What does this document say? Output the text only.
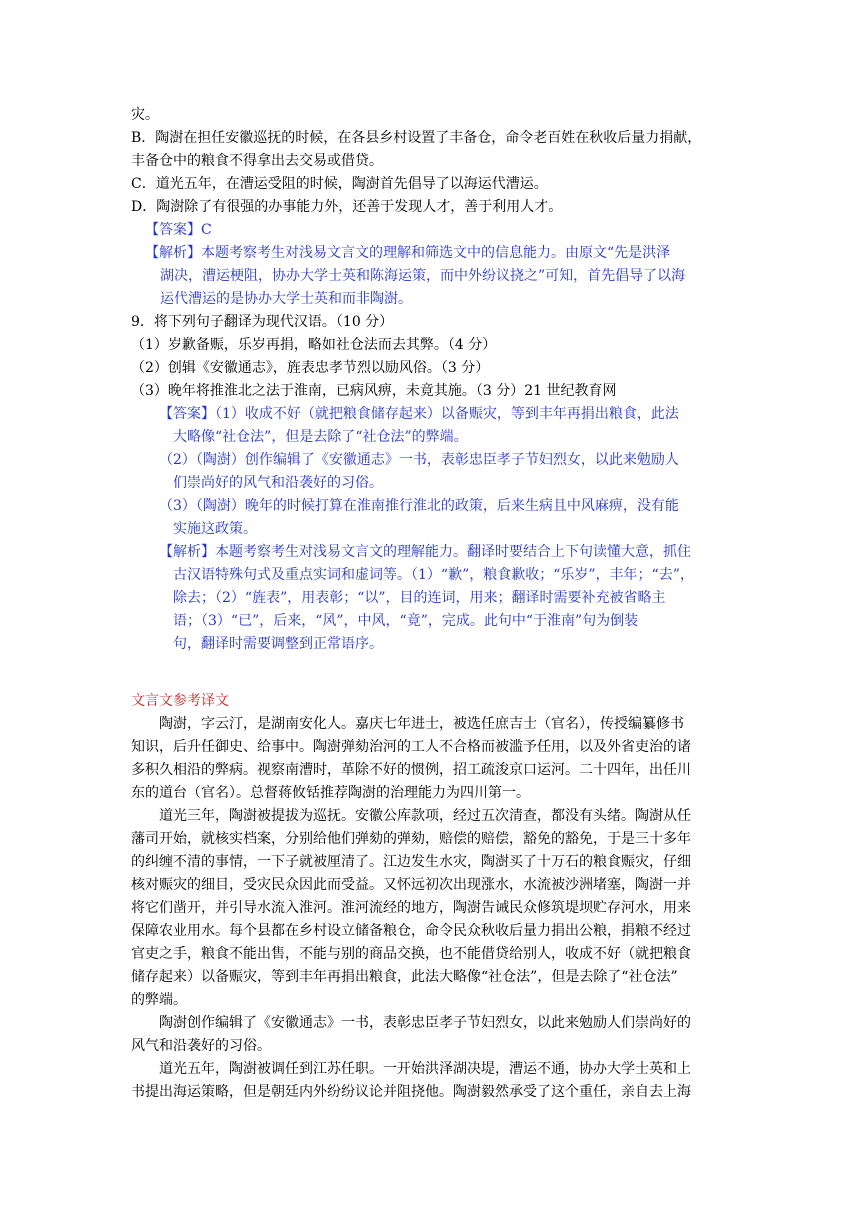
灾。
B．陶澍在担任安徽巡抚的时候，在各县乡村设置了丰备仓，命令老百姓在秋收后量力捐献，
丰备仓中的粮食不得拿出去交易或借贷。
C．道光五年，在漕运受阻的时候，陶澍首先倡导了以海运代漕运。
D．陶澍除了有很强的办事能力外，还善于发现人才，善于利用人才。
【答案】C
【解析】本题考察考生对浅易文言文的理解和筛选文中的信息能力。由原文“先是洪泽
湖决，漕运梗阻，协办大学士英和陈海运策，而中外纷议挠之”可知，首先倡导了以海
运代漕运的是协办大学士英和而非陶澍。
9．将下列句子翻译为现代汉语。（10 分）
（1）岁歉备赈，乐岁再捐，略如社仓法而去其弊。（4 分）
（2）创辑《安徽通志》，旌表忠孝节烈以励风俗。（3 分）
（3）晚年将推淮北之法于淮南，已病风痹，未竟其施。（3 分）21 世纪教育网
【答案】（1）收成不好（就把粮食储存起来）以备赈灾，等到丰年再捐出粮食，此法
大略像“社仓法”，但是去除了“社仓法”的弊端。
（2）（陶澍）创作编辑了《安徽通志》一书，表彰忠臣孝子节妇烈女，以此来勉励人
们崇尚好的风气和沿袭好的习俗。
（3）（陶澍）晚年的时候打算在淮南推行淮北的政策，后来生病且中风麻痹，没有能
实施这政策。
【解析】本题考察考生对浅易文言文的理解能力。翻译时要结合上下句读懂大意，抓住
古汉语特殊句式及重点实词和虚词等。（1）“歉”，粮食歉收；“乐岁”，丰年；“去”，
除去；（2）“旌表”，用表彰；“以”，目的连词，用来；翻译时需要补充被省略主
语；（3）“已”，后来，“风”，中风，“竟”，完成。此句中“于淮南”句为倒装
句，翻译时需要调整到正常语序。
文言文参考译文
陶澍，字云汀，是湖南安化人。嘉庆七年进士，被选任庶吉士（官名），传授编纂修书
知识，后升任御史、给事中。陶澍弹劾治河的工人不合格而被滥予任用，以及外省吏治的诸
多积久相沿的弊病。视察南漕时，革除不好的惯例，招工疏浚京口运河。二十四年，出任川
东的道台（官名）。总督蒋攸铦推荐陶澍的治理能力为四川第一。
道光三年，陶澍被提拔为巡抚。安徽公库款项，经过五次清查，都没有头绪。陶澍从任
藩司开始，就核实档案，分别给他们弹劾的弹劾，赔偿的赔偿，豁免的豁免，于是三十多年
的纠缠不清的事情，一下子就被厘清了。江边发生水灾，陶澍买了十万石的粮食赈灾，仔细
核对赈灾的细目，受灾民众因此而受益。又怀远初次出现涨水，水流被沙洲堵塞，陶澍一并
将它们凿开，并引导水流入淮河。淮河流经的地方，陶澍告诫民众修筑堤坝贮存河水，用来
保障农业用水。每个县都在乡村设立储备粮仓，命令民众秋收后量力捐出公粮，捐粮不经过
官吏之手，粮食不能出售，不能与别的商品交换，也不能借贷给别人，收成不好（就把粮食
储存起来）以备赈灾，等到丰年再捐出粮食，此法大略像“社仓法”，但是去除了“社仓法”
的弊端。
陶澍创作编辑了《安徽通志》一书，表彰忠臣孝子节妇烈女，以此来勉励人们崇尚好的
风气和沿袭好的习俗。
道光五年，陶澍被调任到江苏任职。一开始洪泽湖决堤，漕运不通，协办大学士英和上
书提出海运策略，但是朝廷内外纷纷议论并阻挠他。陶澍毅然承受了这个重任，亲自去上海
